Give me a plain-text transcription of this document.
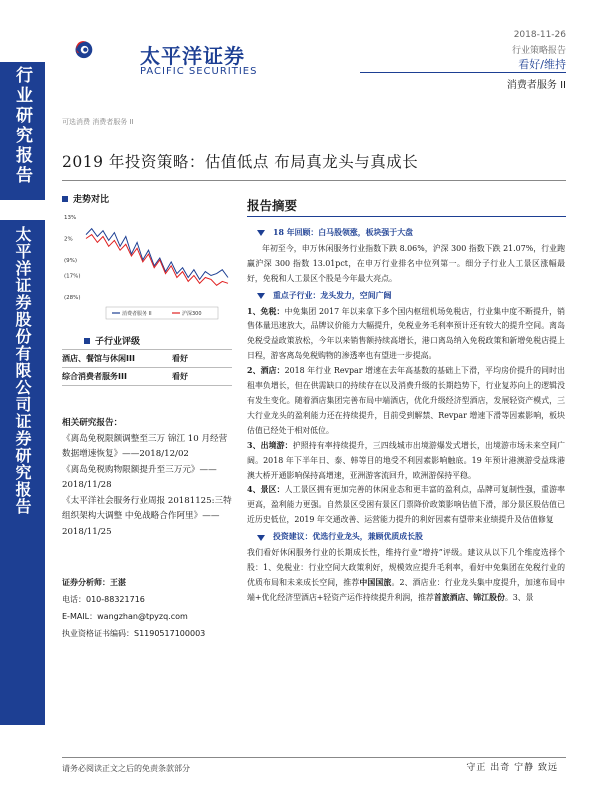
行业研究报告
太平洋证券股份有限公司证券研究报告
太平洋证券
PACIFIC SECURITIES
2018-11-26
行业策略报告
看好/维持
消费者服务 II
可选消费 消费者服务 II
2019 年投资策略：估值低点 布局真龙头与真成长
走势对比
13%
2%
(9%)
(17%)
(28%)
消费者服务 II	沪深300
子行业评级
酒店、餐馆与休闲III	看好
综合消费者服务III	看好
相关研究报告：
《离岛免税限额调整至三万 锦江 10 月经营数据增速恢复》——2018/12/02
《离岛免税购物限额提升至三万元》——2018/11/28
《太平洋社会服务行业周报 20181125:三特组织架构大调整 中免战略合作阿里》——2018/11/25
证券分析师：王湛
电话：010-88321716
E-MAIL：wangzhan@tpyzq.com
执业资格证书编码：S1190517100003
报告摘要
18 年回顾：白马股领涨，板块强于大盘

年初至今，申万休闲服务行业指数下跌 8.06%，沪深 300 指数下跌 21.07%，行业跑赢沪深 300 指数 13.01pct，在申万行业排名中位列第一。细分子行业人工景区涨幅最好，免税和人工景区个股是今年最大亮点。

重点子行业：龙头发力，空间广阔

1、免税：中免集团 2017 年以来拿下多个国内枢纽机场免税店，行业集中度不断提升，销售体量迅速放大，品牌议价能力大幅提升，免税业务毛利率预计还有较大的提升空间。离岛免税受益政策放松，今年以来销售额持续高增长，港口离岛纳入免税政策和新增免税店提上日程，游客离岛免税购物的渗透率也有望进一步提高。

2、酒店：2018 年行业 Revpar 增速在去年高基数的基础上下滑，平均房价提升的同时出租率负增长，但在供需缺口的持续存在以及消费升级的长期趋势下，行业复苏向上的逻辑没有发生变化。随着酒店集团完善布局中端酒店，优化升级经济型酒店，发展轻资产模式，三大行业龙头的盈利能力还在持续提升，目前受到解禁、Revpar 增速下滑等因素影响，板块估值已经处于相对低位。

3、出境游：护照持有率持续提升，三四线城市出境游爆发式增长，出境游市场未来空间广阔。2018 年下半年日、泰、韩等目的地受不利因素影响触底。19 年预计港澳游受益珠港澳大桥开通影响保持高增速，亚洲游客流回升，欧洲游保持平稳。

4、景区：人工景区拥有更加完善的休闲业态和更丰富的盈利点，品牌可复制性强，重游率更高，盈利能力更强。自然景区受困有景区门票降价政策影响估值下滑，部分景区股估值已近历史低位，2019 年交通改善、运营能力提升的利好因素有望带来业绩提升及估值修复

投资建议：优选行业龙头，兼顾优质成长股

我们看好休闲服务行业的长期成长性，维持行业“增持”评级。建议从以下几个维度选择个股：1、免税业：行业空间大政策利好，规模效应提升毛利率，看好中免集团在免税行业的优质布局和未来成长空间，推荐中国国旅。2、酒店业：行业龙头集中度提升，加速布局中端+优化经济型酒店+轻资产运作持续提升利润，推荐首旅酒店、锦江股份。3、景

请务必阅读正文之后的免责条款部分	守正 出奇 宁静 致远
